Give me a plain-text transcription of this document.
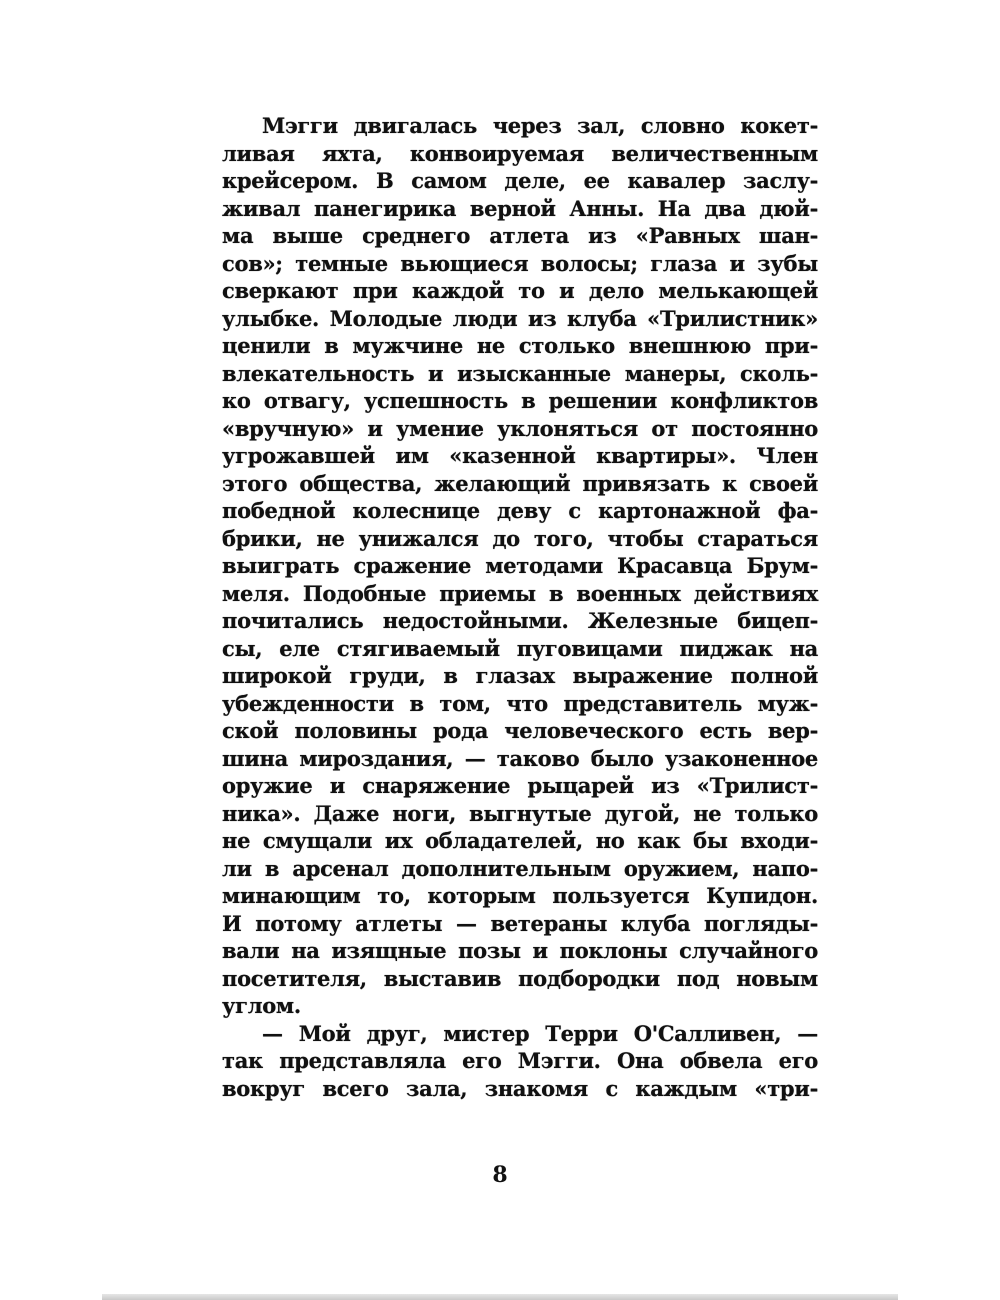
Мэгги двигалась через зал, словно кокет-
ливая яхта, конвоируемая величественным
крейсером. В самом деле, ее кавалер заслу-
живал панегирика верной Анны. На два дюй-
ма выше среднего атлета из «Равных шан-
сов»; темные вьющиеся волосы; глаза и зубы
сверкают при каждой то и дело мелькающей
улыбке. Молодые люди из клуба «Трилистник»
ценили в мужчине не столько внешнюю при-
влекательность и изысканные манеры, сколь-
ко отвагу, успешность в решении конфликтов
«вручную» и умение уклоняться от постоянно
угрожавшей им «казенной квартиры». Член
этого общества, желающий привязать к своей
победной колеснице деву с картонажной фа-
брики, не унижался до того, чтобы стараться
выиграть сражение методами Красавца Брум-
меля. Подобные приемы в военных действиях
почитались недостойными. Железные бицеп-
сы, еле стягиваемый пуговицами пиджак на
широкой груди, в глазах выражение полной
убежденности в том, что представитель муж-
ской половины рода человеческого есть вер-
шина мироздания, — таково было узаконенное
оружие и снаряжение рыцарей из «Трилист-
ника». Даже ноги, выгнутые дугой, не только
не смущали их обладателей, но как бы входи-
ли в арсенал дополнительным оружием, напо-
минающим то, которым пользуется Купидон.
И потому атлеты — ветераны клуба погляды-
вали на изящные позы и поклоны случайного
посетителя, выставив подбородки под новым
углом.
— Мой друг, мистер Терри О'Салливен, —
так представляла его Мэгги. Она обвела его
вокруг всего зала, знакомя с каждым «три-
8
